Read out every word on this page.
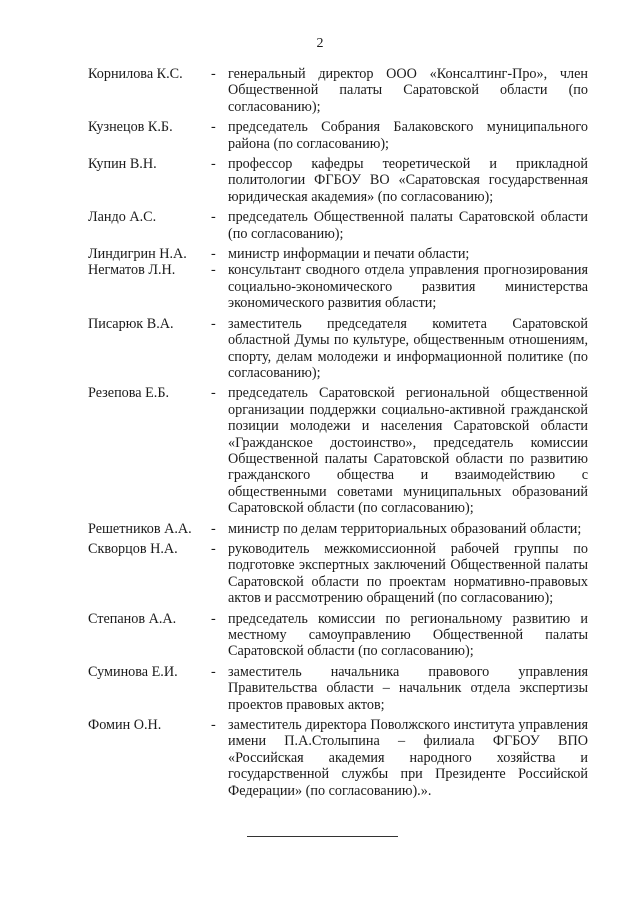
2
Корнилова К.С.	- генеральный директор ООО «Консалтинг-Про», член Общественной палаты Саратовской области (по согласованию);
Кузнецов К.Б.	- председатель Собрания Балаковского муниципального района (по согласованию);
Купин В.Н.	- профессор кафедры теоретической и прикладной политологии ФГБОУ ВО «Саратовская государственная юридическая академия» (по согласованию);
Ландо А.С.	- председатель Общественной палаты Саратовской области (по согласованию);
Линдигрин Н.А.	- министр информации и печати области;
Негматов Л.Н.	- консультант сводного отдела управления прогнозирования социально-экономического развития министерства экономического развития области;
Писарюк В.А.	- заместитель председателя комитета Саратовской областной Думы по культуре, общественным отношениям, спорту, делам молодежи и информационной политике (по согласованию);
Резепова Е.Б.	- председатель Саратовской региональной общественной организации поддержки социально-активной гражданской позиции молодежи и населения Саратовской области «Гражданское достоинство», председатель комиссии Общественной палаты Саратовской области по развитию гражданского общества и взаимодействию с общественными советами муниципальных образований Саратовской области (по согласованию);
Решетников А.А.	- министр по делам территориальных образований области;
Скворцов Н.А.	- руководитель межкомиссионной рабочей группы по подготовке экспертных заключений Общественной палаты Саратовской области по проектам нормативно-правовых актов и рассмотрению обращений (по согласованию);
Степанов А.А.	- председатель комиссии по региональному развитию и местному самоуправлению Общественной палаты Саратовской области (по согласованию);
Суминова Е.И.	- заместитель начальника правового управления Правительства области – начальник отдела экспертизы проектов правовых актов;
Фомин О.Н.	- заместитель директора Поволжского института управления имени П.А.Столыпина – филиала ФГБОУ ВПО «Российская академия народного хозяйства и государственной службы при Президенте Российской Федерации» (по согласованию).».
